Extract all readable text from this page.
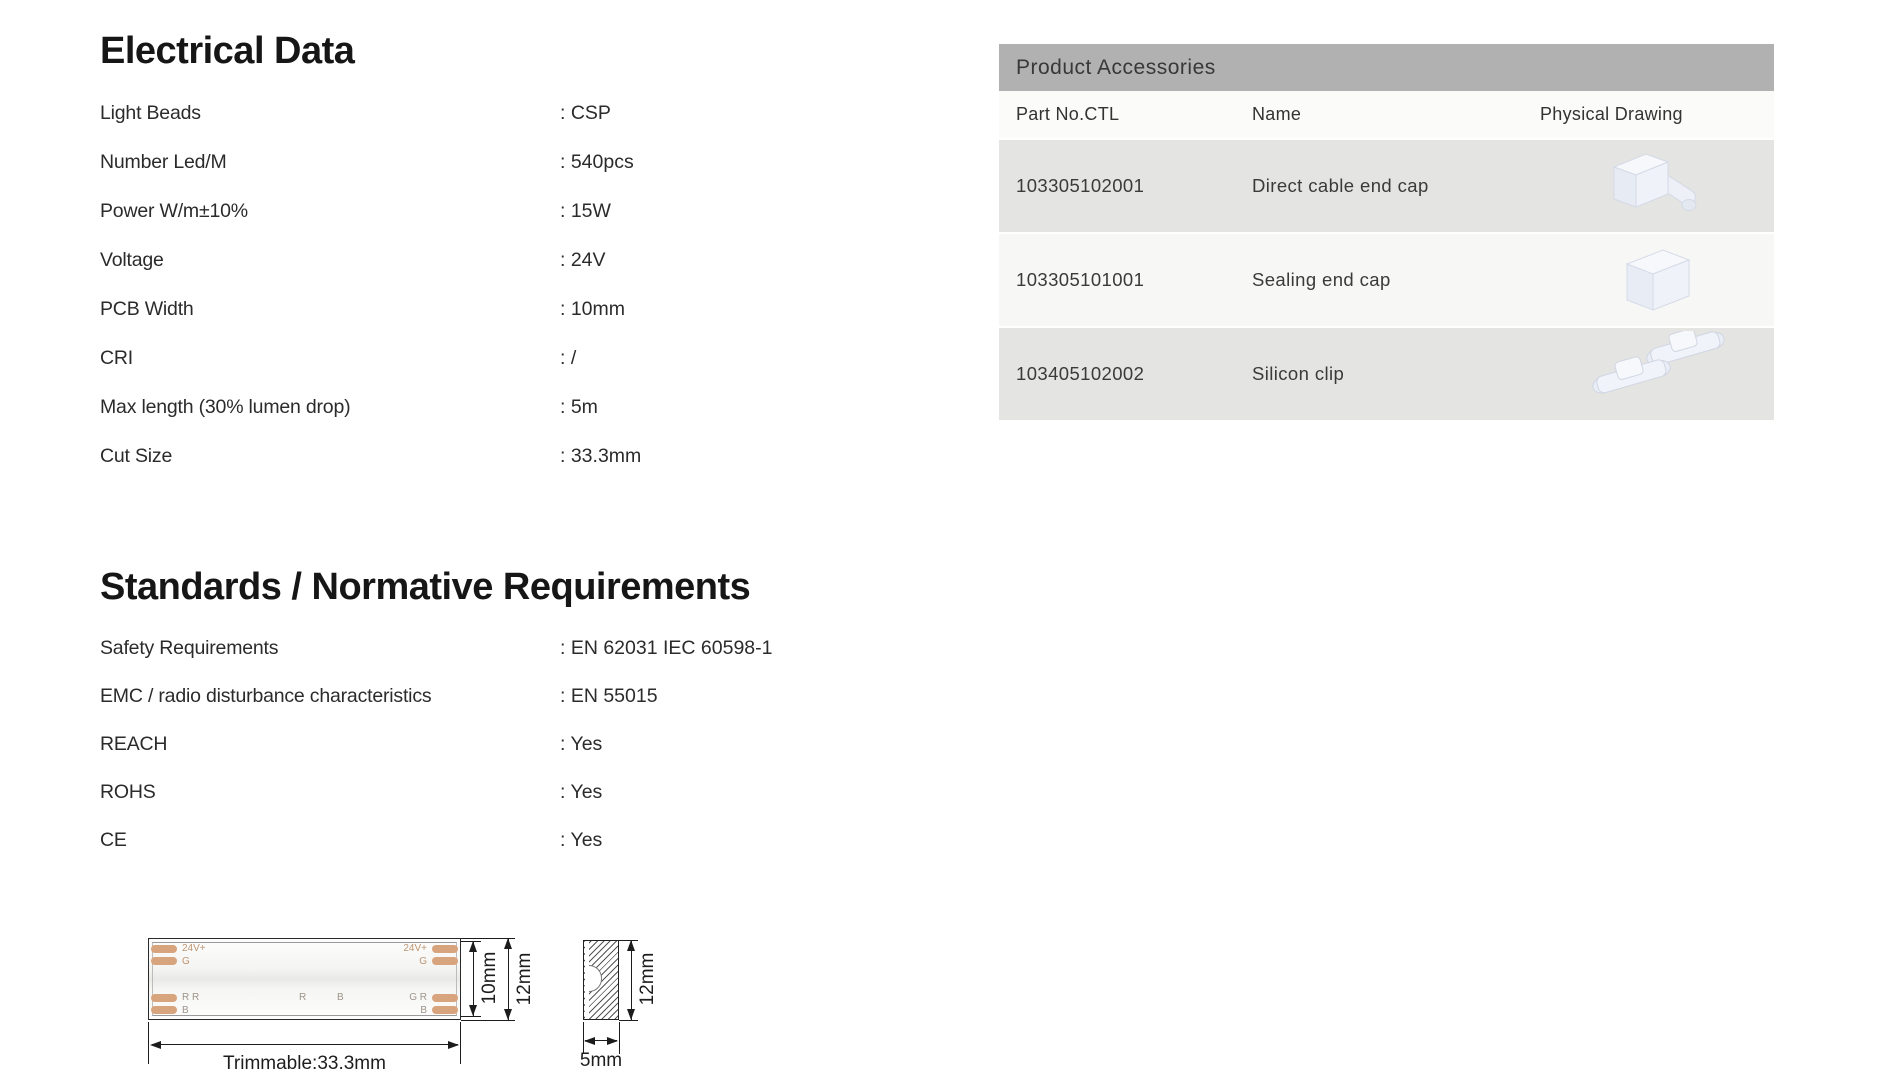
Electrical Data
Light Beads	: CSP
Number Led/M	: 540pcs
Power W/m±10%	: 15W
Voltage	: 24V
PCB Width	: 10mm
CRI	: /
Max length (30% lumen drop)	: 5m
Cut Size	: 33.3mm
Standards / Normative Requirements
Safety Requirements	: EN 62031 IEC 60598-1
EMC / radio disturbance characteristics	: EN 55015
REACH	: Yes
ROHS	: Yes
CE	: Yes
Product Accessories
Part No.CTL	Name	Physical Drawing
103305102001	Direct cable end cap
103305101001	Sealing end cap
103405102002	Silicon clip
24V+
G
R R
B
R	B
24V+
G
G R
B
10mm 12mm
Trimmable:33.3mm
12mm
5mm
